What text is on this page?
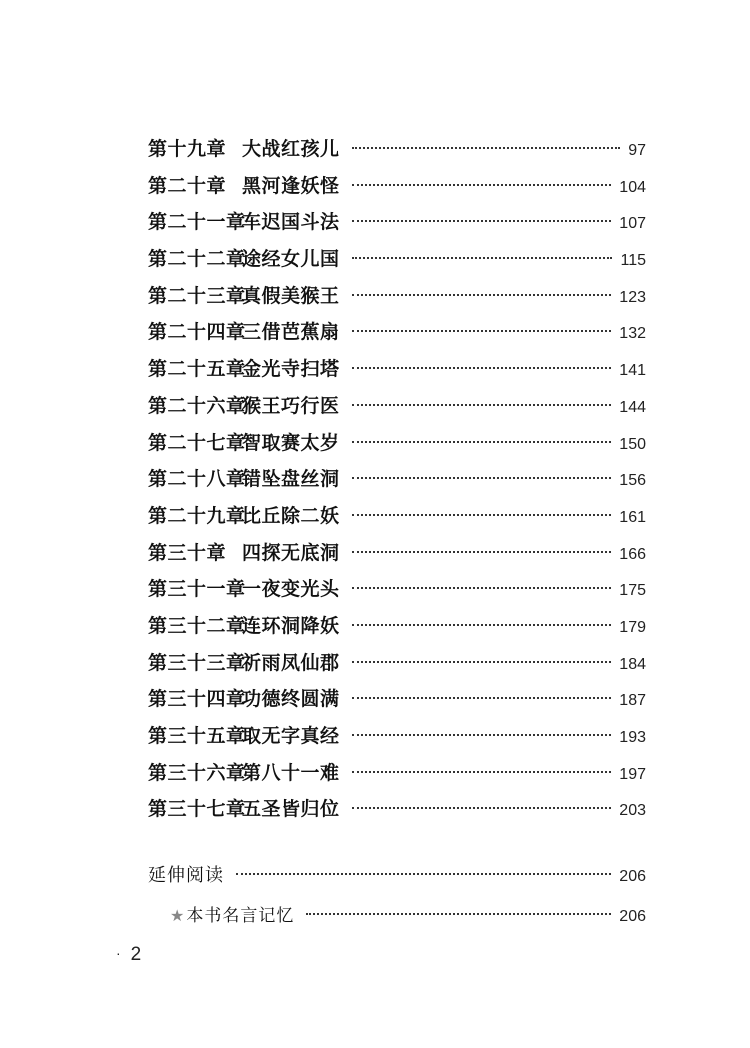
第十九章 大战红孩儿	97
第二十章 黑河逢妖怪	104
第二十一章车迟国斗法	107
第二十二章途经女儿国	115
第二十三章真假美猴王	123
第二十四章三借芭蕉扇	132
第二十五章金光寺扫塔	141
第二十六章猴王巧行医	144
第二十七章智取赛太岁	150
第二十八章错坠盘丝洞	156
第二十九章比丘除二妖	161
第三十章 四探无底洞	166
第三十一章一夜变光头	175
第三十二章连环洞降妖	179
第三十三章祈雨凤仙郡	184
第三十四章功德终圆满	187
第三十五章取无字真经	193
第三十六章第八十一难	197
第三十七章五圣皆归位	203
延伸阅读	206
★ 本书名言记忆	206
· 2
